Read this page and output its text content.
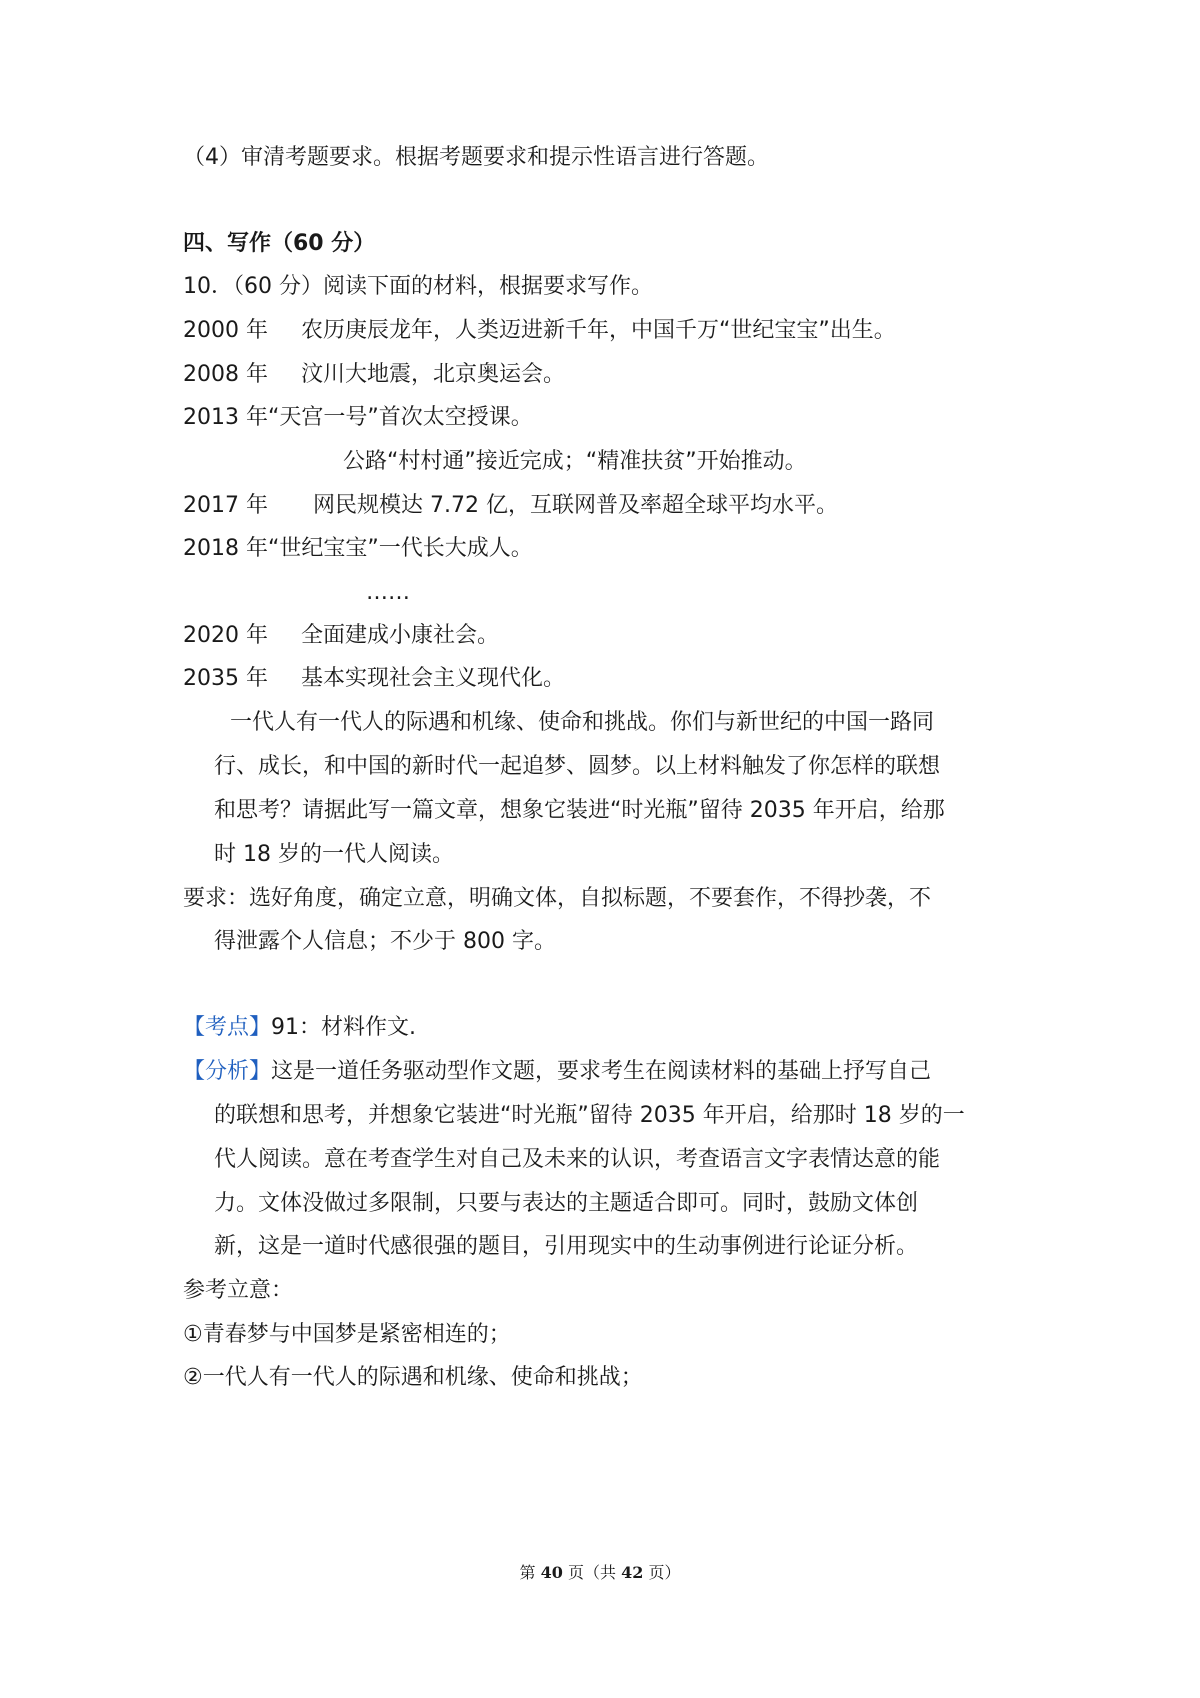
（4）审清考题要求。根据考题要求和提示性语言进行答题。
四、写作（60 分）
10．（60 分）阅读下面的材料，根据要求写作。
2000 年 农历庚辰龙年，人类迈进新千年，中国千万“世纪宝宝”出生。
2008 年 汶川大地震，北京奥运会。
2013 年“天宫一号”首次太空授课。
公路“村村通”接近完成；“精准扶贫”开始推动。
2017 年 网民规模达 7.72 亿，互联网普及率超全球平均水平。
2018 年“世纪宝宝”一代长大成人。
……
2020 年 全面建成小康社会。
2035 年 基本实现社会主义现代化。
一代人有一代人的际遇和机缘、使命和挑战。你们与新世纪的中国一路同
行、成长，和中国的新时代一起追梦、圆梦。以上材料触发了你怎样的联想
和思考？请据此写一篇文章，想象它装进“时光瓶”留待 2035 年开启，给那
时 18 岁的一代人阅读。
要求：选好角度，确定立意，明确文体，自拟标题，不要套作，不得抄袭，不
得泄露个人信息；不少于 800 字。
【考点】91：材料作文.
【分析】这是一道任务驱动型作文题，要求考生在阅读材料的基础上抒写自己
的联想和思考，并想象它装进“时光瓶”留待 2035 年开启，给那时 18 岁的一
代人阅读。意在考查学生对自己及未来的认识，考查语言文字表情达意的能
力。文体没做过多限制，只要与表达的主题适合即可。同时，鼓励文体创
新，这是一道时代感很强的题目，引用现实中的生动事例进行论证分析。
参考立意：
①青春梦与中国梦是紧密相连的；
②一代人有一代人的际遇和机缘、使命和挑战；
第 40 页（共 42 页）
